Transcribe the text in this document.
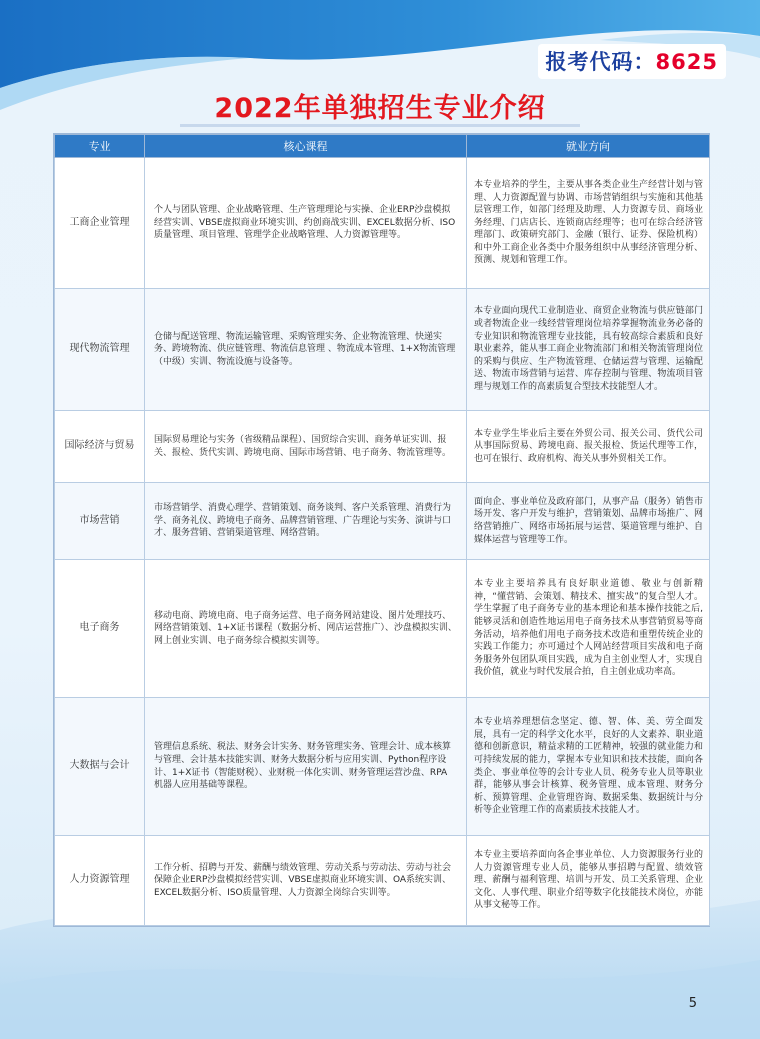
报考代码：8625
2022年单独招生专业介绍
专业	核心课程	就业方向
工商企业管理	个人与团队管理、企业战略管理、生产管理理论与实操、企业ERP沙盘模拟经营实训、VBSE虚拟商业环境实训、约创商战实训、EXCEL数据分析、ISO质量管理、项目管理、管理学企业战略管理、人力资源管理等。	本专业培养的学生，主要从事各类企业生产经营计划与管理、人力资源配置与协调、市场营销组织与实施和其他基层管理工作，如部门经理及助理、人力资源专员、商场业务经理、门店店长、连锁商店经理等；也可在综合经济管理部门、政策研究部门、金融（银行、证券、保险机构）和中外工商企业各类中介服务组织中从事经济管理分析、预测、规划和管理工作。
现代物流管理	仓储与配送管理、物流运输管理、采购管理实务、企业物流管理、快递实务、跨境物流、供应链管理、物流信息管理 、物流成本管理、1+X物流管理（中级）实训、物流设施与设备等。	本专业面向现代工业制造业、商贸企业物流与供应链部门或者物流企业一线经营管理岗位培养掌握物流业务必备的专业知识和物流管理专业技能，具有较高综合素质和良好职业素养，能从事工商企业物流部门和相关物流管理岗位的采购与供应、生产物流管理、仓储运营与管理、运输配送、物流市场营销与运营、库存控制与管理、物流项目管理与规划工作的高素质复合型技术技能型人才。
国际经济与贸易	国际贸易理论与实务（省级精品课程）、国贸综合实训、商务单证实训、报关、报检、货代实训、跨境电商、国际市场营销、电子商务、物流管理等。	本专业学生毕业后主要在外贸公司、报关公司、货代公司从事国际贸易、跨境电商、报关报检、货运代理等工作，也可在银行、政府机构、海关从事外贸相关工作。
市场营销	市场营销学、消费心理学、营销策划、商务谈判、客户关系管理、消费行为学、商务礼仪、跨境电子商务、品牌营销管理、广告理论与实务、演讲与口才、服务营销、营销渠道管理、网络营销。	面向企、事业单位及政府部门，从事产品（服务）销售市场开发、客户开发与维护，营销策划、品牌市场推广、网络营销推广、网络市场拓展与运营、渠道管理与维护、自媒体运营与管理等工作。
电子商务	移动电商、跨境电商、电子商务运营、电子商务网站建设、图片处理技巧、网络营销策划、1+X证书课程（数据分析、网店运营推广）、沙盘模拟实训、网上创业实训、电子商务综合模拟实训等。	本专业主要培养具有良好职业道德、敬业与创新精神，“懂营销、会策划、精技术、擅实战”的复合型人才。学生掌握了电子商务专业的基本理论和基本操作技能之后,能够灵活和创造性地运用电子商务技术从事营销贸易等商务活动，培养他们用电子商务技术改造和重塑传统企业的实践工作能力；亦可通过个人网站经营项目实战和电子商务服务外包团队项目实践，成为自主创业型人才，实现自我价值，就业与时代发展合拍，自主创业成功率高。
大数据与会计	管理信息系统、税法、财务会计实务、财务管理实务、管理会计、成本核算与管理、会计基本技能实训、财务大数据分析与应用实训、Python程序设计、1+X证书（智能财税）、业财税一体化实训、财务管理运营沙盘、RPA 机器人应用基础等课程。	本专业培养理想信念坚定、德、智、体、美、劳全面发展，具有一定的科学文化水平，良好的人文素养、职业道德和创新意识，精益求精的工匠精神，较强的就业能力和可持续发展的能力，掌握本专业知识和技术技能，面向各类企、事业单位等的会计专业人员、税务专业人员等职业群，能够从事会计核算、税务管理、成本管理、财务分析、预算管理、企业管理咨询、数据采集、数据统计与分析等企业管理工作的高素质技术技能人才。
人力资源管理	工作分析、招聘与开发、薪酬与绩效管理、劳动关系与劳动法、劳动与社会保障企业ERP沙盘模拟经营实训、VBSE虚拟商业环境实训、OA系统实训、EXCEL数据分析、ISO质量管理、人力资源全岗综合实训等。	本专业主要培养面向各企事业单位、人力资源服务行业的人力资源管理专业人员，能够从事招聘与配置、绩效管理、薪酬与福利管理、培训与开发、员工关系管理、企业文化、人事代理、职业介绍等数字化技能技术岗位，亦能从事文秘等工作。
5
